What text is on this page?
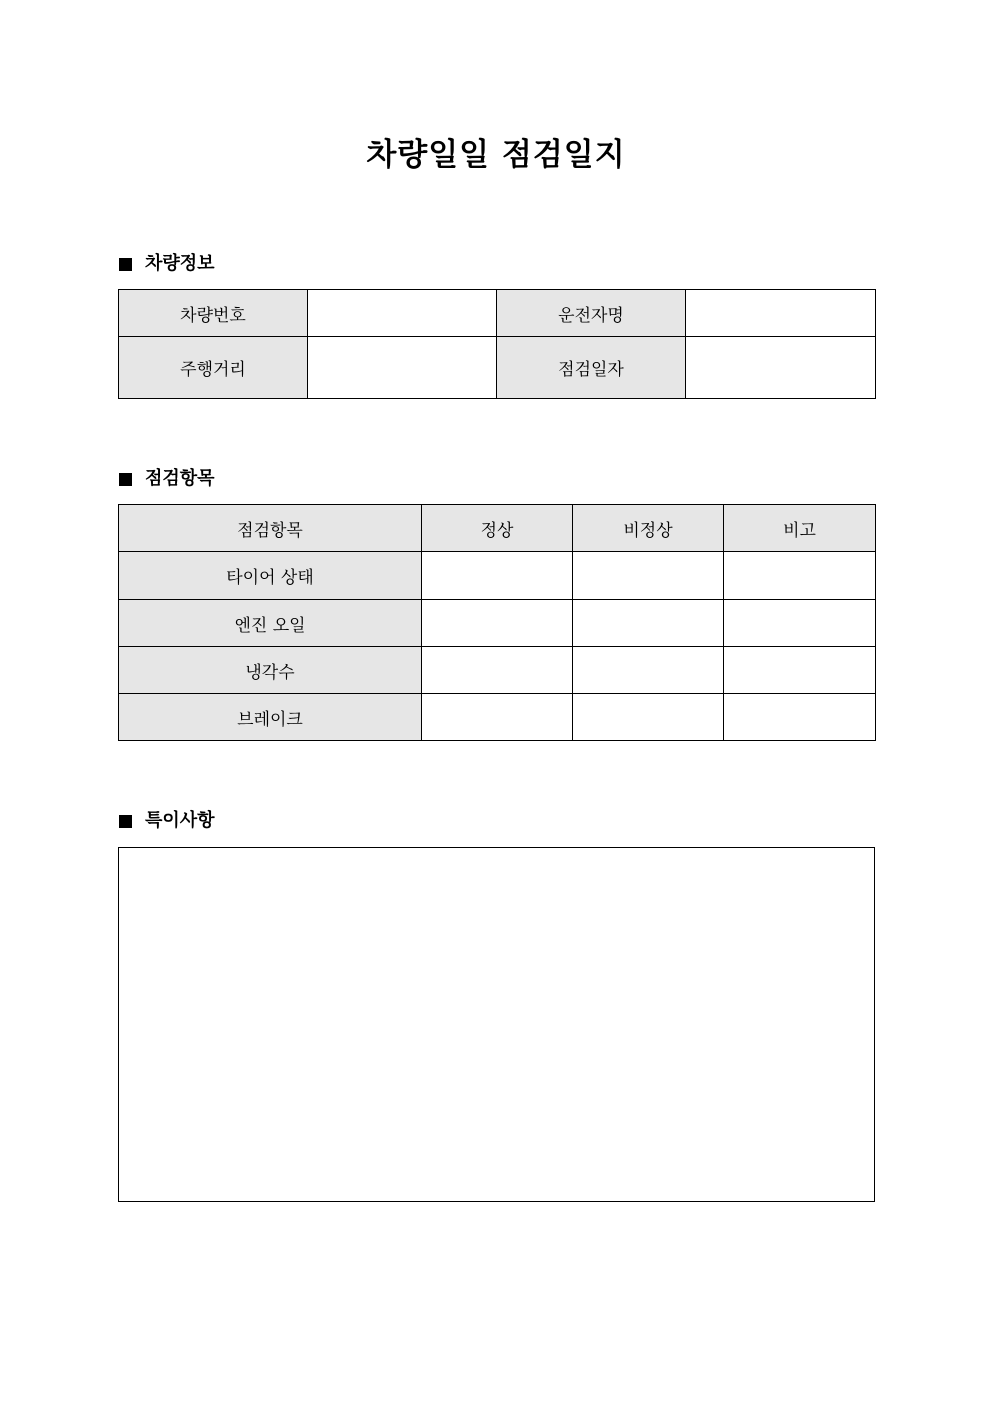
차량일일 점검일지
차량정보
차량번호		운전자명	
주행거리		점검일자	
점검항목
점검항목	정상	비정상	비고
타이어 상태			
엔진 오일			
냉각수			
브레이크			
특이사항
